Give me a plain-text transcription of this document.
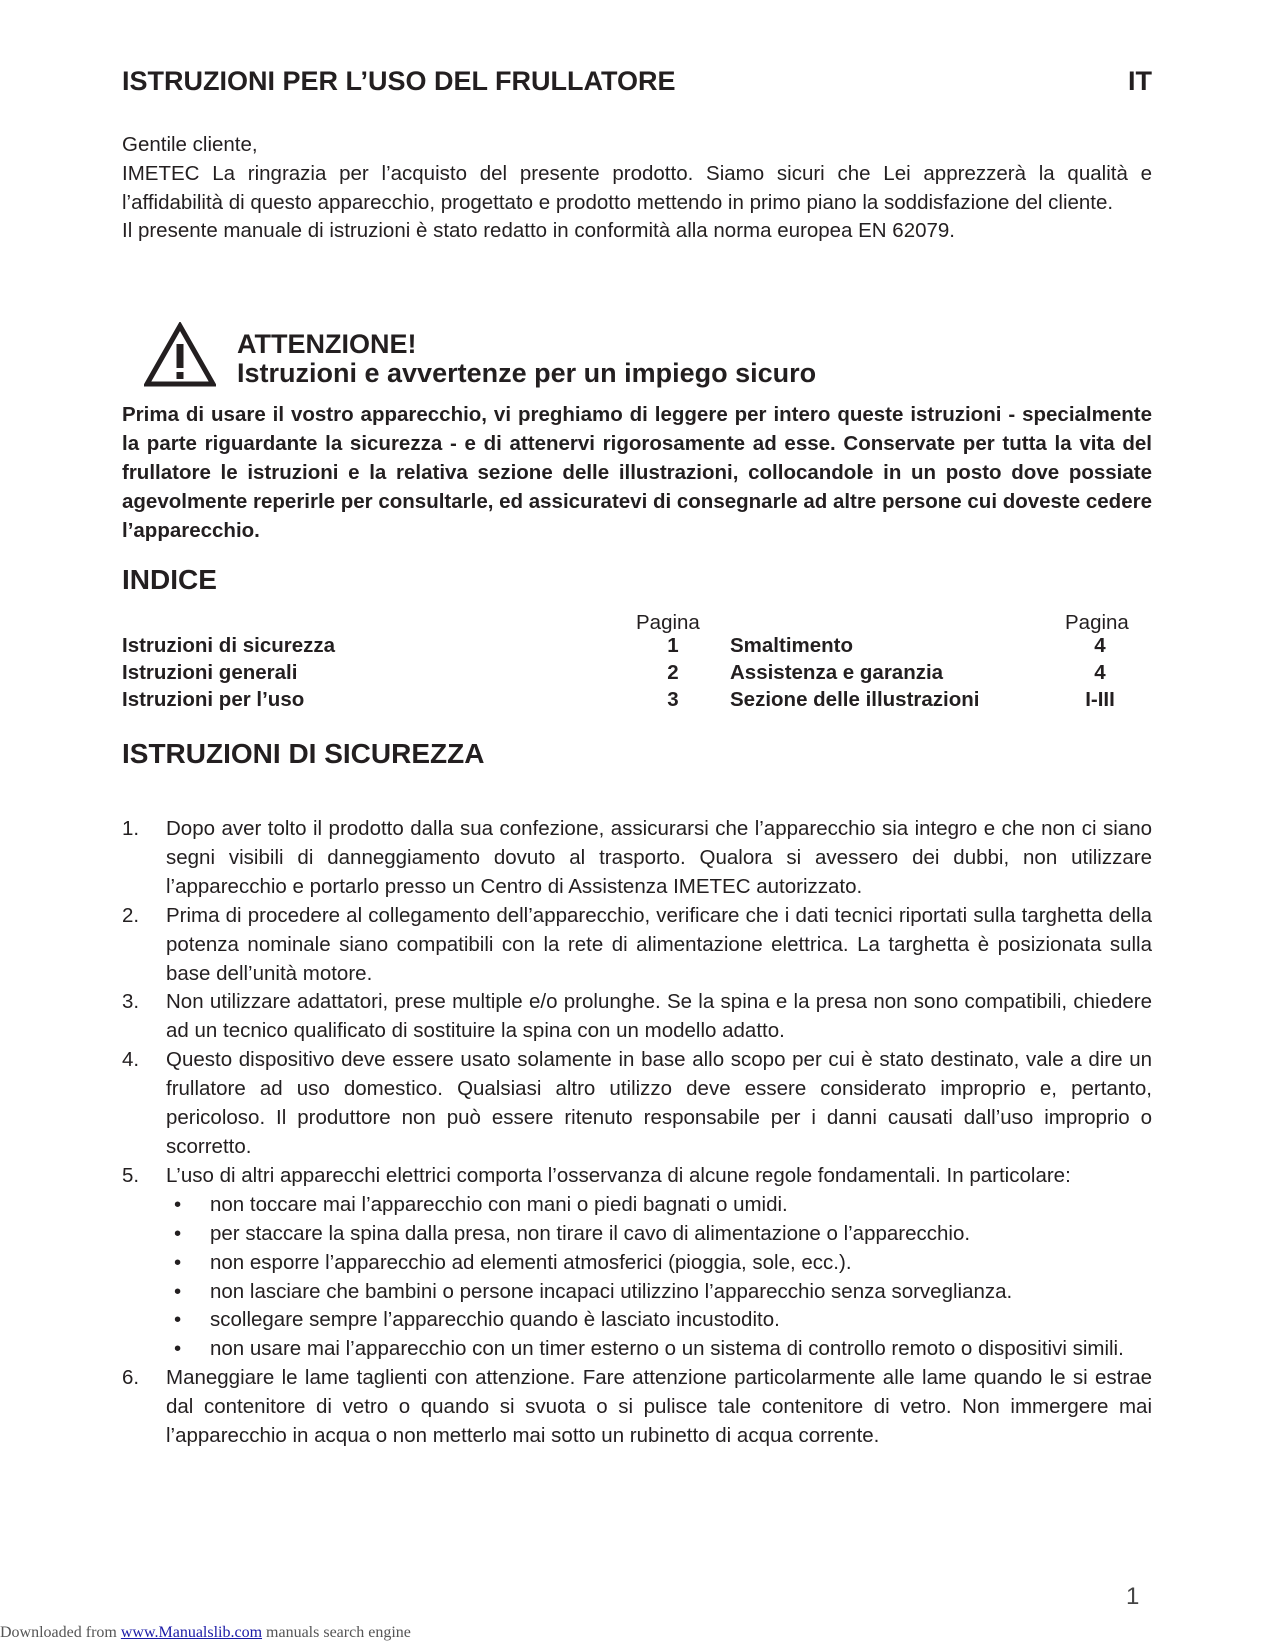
ISTRUZIONI PER L’USO DEL FRULLATORE	IT

Gentile cliente,

IMETEC La ringrazia per l’acquisto del presente prodotto. Siamo sicuri che Lei apprezzerà la qualità e l’affidabilità di questo apparecchio, progettato e prodotto mettendo in primo piano la soddisfazione del cliente.

Il presente manuale di istruzioni è stato redatto in conformità alla norma europea EN 62079.

ATTENZIONE!
Istruzioni e avvertenze per un impiego sicuro

Prima di usare il vostro apparecchio, vi preghiamo di leggere per intero queste istruzioni - specialmente la parte riguardante la sicurezza - e di attenervi rigorosamente ad esse. Conservate per tutta la vita del frullatore le istruzioni e la relativa sezione delle illustrazioni, collocandole in un posto dove possiate agevolmente reperirle per consultarle, ed assicuratevi di consegnarle ad altre persone cui doveste cedere l’apparecchio.

INDICE
Pagina	Pagina
Istruzioni di sicurezza	1
Istruzioni generali	2
Istruzioni per l’uso	3
Smaltimento	4
Assistenza e garanzia	4
Sezione delle illustrazioni	I-III
ISTRUZIONI DI SICUREZZA
1.	Dopo aver tolto il prodotto dalla sua confezione, assicurarsi che l’apparecchio sia integro e che non ci siano segni visibili di danneggiamento dovuto al trasporto. Qualora si avessero dei dubbi, non utilizzare l’apparecchio e portarlo presso un Centro di Assistenza IMETEC autorizzato.
2.	Prima di procedere al collegamento dell’apparecchio, verificare che i dati tecnici riportati sulla targhetta della potenza nominale siano compatibili con la rete di alimentazione elettrica. La targhetta è posizionata sulla base dell’unità motore.
3.	Non utilizzare adattatori, prese multiple e/o prolunghe. Se la spina e la presa non sono compatibili, chiedere ad un tecnico qualificato di sostituire la spina con un modello adatto.
4.	Questo dispositivo deve essere usato solamente in base allo scopo per cui è stato destinato, vale a dire un frullatore ad uso domestico. Qualsiasi altro utilizzo deve essere considerato improprio e, pertanto, pericoloso. Il produttore non può essere ritenuto responsabile per i danni causati dall’uso improprio o scorretto.
5.	L’uso di altri apparecchi elettrici comporta l’osservanza di alcune regole fondamentali. In particolare:
•	non toccare mai l’apparecchio con mani o piedi bagnati o umidi.
•	per staccare la spina dalla presa, non tirare il cavo di alimentazione o l’apparecchio.
•	non esporre l’apparecchio ad elementi atmosferici (pioggia, sole, ecc.).
•	non lasciare che bambini o persone incapaci utilizzino l’apparecchio senza sorveglianza.
•	scollegare sempre l’apparecchio quando è lasciato incustodito.
•	non usare mai l’apparecchio con un timer esterno o un sistema di controllo remoto o dispositivi simili.
6.	Maneggiare le lame taglienti con attenzione. Fare attenzione particolarmente alle lame quando le si estrae dal contenitore di vetro o quando si svuota o si pulisce tale contenitore di vetro. Non immergere mai l’apparecchio in acqua o non metterlo mai sotto un rubinetto di acqua corrente.
1
Downloaded from www.Manualslib.com manuals search engine
